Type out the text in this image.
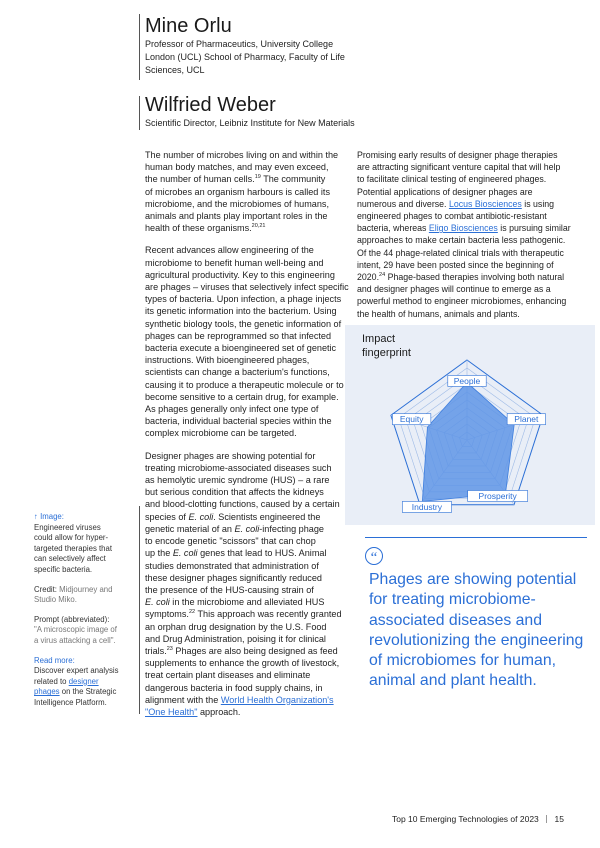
Mine Orlu
Professor of Pharmaceutics, University College
London (UCL) School of Pharmacy, Faculty of Life
Sciences, UCL
Wilfried Weber
Scientific Director, Leibniz Institute for New Materials

The number of microbes living on and within the
human body matches, and may even exceed,
the number of human cells.$^{19}$ The community
of microbes an organism harbours is called its
microbiome, and the microbiomes of humans,
animals and plants play important roles in the
health of these organisms.$^{20,21}$

Recent advances allow engineering of the
microbiome to benefit human well-being and
agricultural productivity. Key to this engineering
are phages – viruses that selectively infect specific
types of bacteria. Upon infection, a phage injects
its genetic information into the bacterium. Using
synthetic biology tools, the genetic information of
phages can be reprogrammed so that infected
bacteria execute a bioengineered set of genetic
instructions. With bioengineered phages,
scientists can change a bacterium's functions,
causing it to produce a therapeutic molecule or to
become sensitive to a certain drug, for example.
As phages generally only infect one type of
bacteria, individual bacterial species within the
complex microbiome can be targeted.

Designer phages are showing potential for
treating microbiome-associated diseases such
as hemolytic uremic syndrome (HUS) – a rare
but serious condition that affects the kidneys
and blood-clotting functions, caused by a certain
species of E. coli. Scientists engineered the
genetic material of an E. coli-infecting phage
to encode genetic "scissors" that can chop
up the E. coli genes that lead to HUS. Animal
studies demonstrated that administration of
these designer phages significantly reduced
the presence of the HUS-causing strain of
E. coli in the microbiome and alleviated HUS
symptoms.$^{22}$ This approach was recently granted
an orphan drug designation by the U.S. Food
and Drug Administration, poising it for clinical
trials.$^{23}$ Phages are also being designed as feed
supplements to enhance the growth of livestock,
treat certain plant diseases and eliminate
dangerous bacteria in food supply chains, in
alignment with the World Health Organization's
"One Health" approach.

Promising early results of designer phage therapies
are attracting significant venture capital that will help
to facilitate clinical testing of engineered phages.
Potential applications of designer phages are
numerous and diverse. Locus Biosciences is using
engineered phages to combat antibiotic-resistant
bacteria, whereas Eligo Biosciences is pursuing similar
approaches to make certain bacteria less pathogenic.
Of the 44 phage-related clinical trials with therapeutic
intent, 29 have been posted since the beginning of
2020.24 Phage-based therapies involving both natural
and designer phages will continue to emerge as a
powerful method to engineer microbiomes, enhancing
the health of humans, animals and plants.

Impact
fingerprint
People
Planet
Prosperity
Industry
Equity

↑ Image:
Engineered viruses
could allow for hyper-
targeted therapies that
can selectively affect
specific bacteria.

Credit: Midjourney and
Studio Miko.

Prompt (abbreviated):
"A microscopic image of
a virus attacking a cell".

Read more:
Discover expert analysis
related to designer
phages on the Strategic
Intelligence Platform.

“
Phages are showing potential
for treating microbiome-
associated diseases and
revolutionizing the engineering
of microbiomes for human,
animal and plant health.
Top 10 Emerging Technologies of 2023 15
